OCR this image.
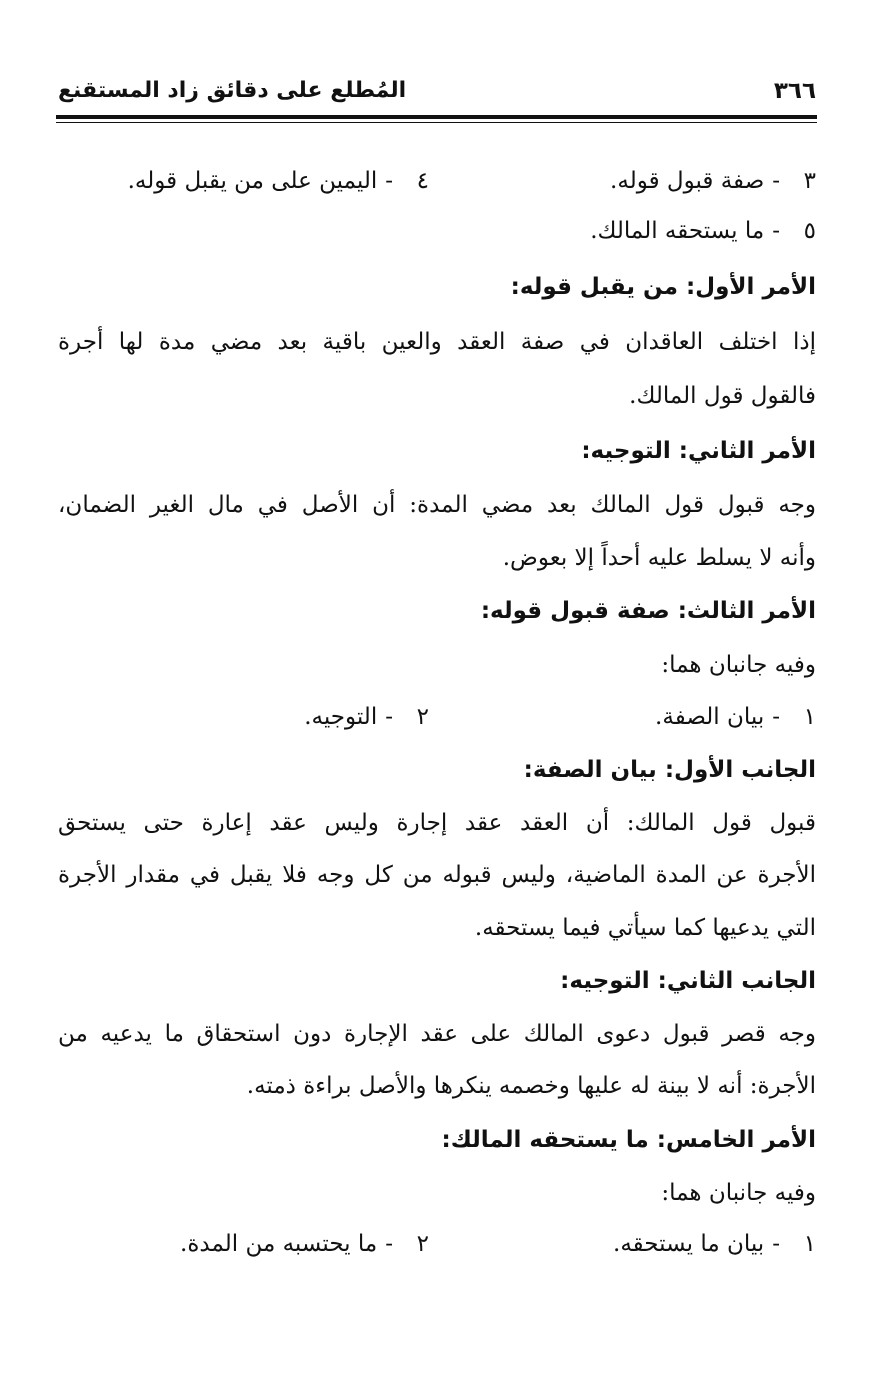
٣٦٦
المُطلع على دقائق زاد المستقنع
٣-صفة قبول قوله.
٤-اليمين على من يقبل قوله.
٥-ما يستحقه المالك.
الأمر الأول: من يقبل قوله:
إذا اختلف العاقدان في صفة العقد والعين باقية بعد مضي مدة لها أجرة
فالقول قول المالك.
الأمر الثاني: التوجيه:
وجه قبول قول المالك بعد مضي المدة: أن الأصل في مال الغير الضمان،
وأنه لا يسلط عليه أحداً إلا بعوض.
الأمر الثالث: صفة قبول قوله:
وفيه جانبان هما:
١-بيان الصفة.
٢-التوجيه.
الجانب الأول: بيان الصفة:
قبول قول المالك: أن العقد عقد إجارة وليس عقد إعارة حتى يستحق
الأجرة عن المدة الماضية، وليس قبوله من كل وجه فلا يقبل في مقدار الأجرة
التي يدعيها كما سيأتي فيما يستحقه.
الجانب الثاني: التوجيه:
وجه قصر قبول دعوى المالك على عقد الإجارة دون استحقاق ما يدعيه من
الأجرة: أنه لا بينة له عليها وخصمه ينكرها والأصل براءة ذمته.
الأمر الخامس: ما يستحقه المالك:
وفيه جانبان هما:
١-بيان ما يستحقه.
٢-ما يحتسبه من المدة.
